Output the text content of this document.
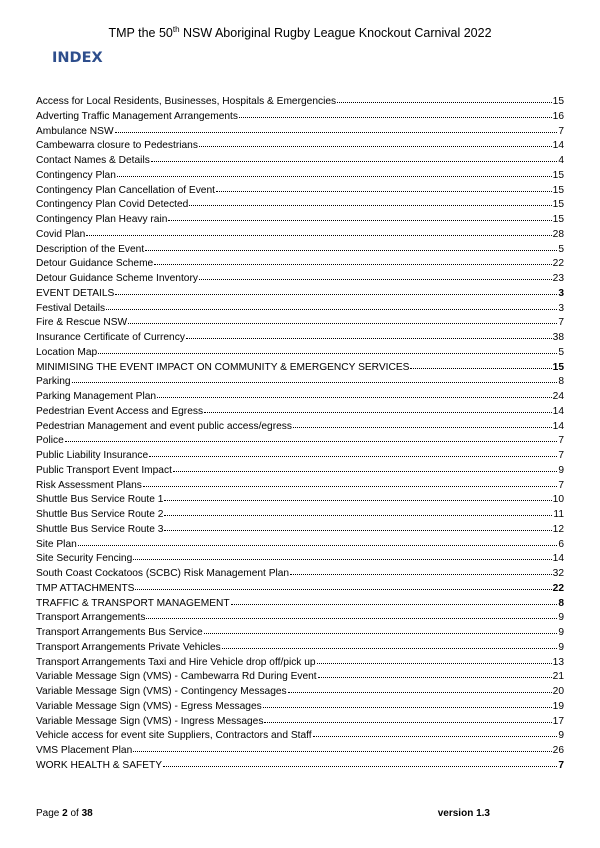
TMP the 50th NSW Aboriginal Rugby League Knockout Carnival 2022
INDEX
Access for Local Residents, Businesses, Hospitals & Emergencies	15
Adverting Traffic Management Arrangements	16
Ambulance NSW	7
Cambewarra closure to Pedestrians	14
Contact Names & Details	4
Contingency Plan	15
Contingency Plan Cancellation of Event	15
Contingency Plan Covid Detected	15
Contingency Plan Heavy rain	15
Covid Plan	28
Description of the Event	5
Detour Guidance Scheme	22
Detour Guidance Scheme Inventory	23
EVENT DETAILS	3
Festival Details	3
Fire & Rescue NSW	7
Insurance Certificate of Currency	38
Location Map	5
MINIMISING THE EVENT IMPACT ON COMMUNITY & EMERGENCY SERVICES	15
Parking	8
Parking Management Plan	24
Pedestrian Event Access and Egress	14
Pedestrian Management and event public access/egress	14
Police	7
Public Liability Insurance	7
Public Transport Event Impact	9
Risk Assessment Plans	7
Shuttle Bus Service Route 1	10
Shuttle Bus Service Route 2	11
Shuttle Bus Service Route 3	12
Site Plan	6
Site Security Fencing	14
South Coast Cockatoos (SCBC) Risk Management Plan	32
TMP ATTACHMENTS	22
TRAFFIC & TRANSPORT MANAGEMENT	8
Transport Arrangements	9
Transport Arrangements Bus Service	9
Transport Arrangements Private Vehicles	9
Transport Arrangements Taxi and Hire Vehicle drop off/pick up	13
Variable Message Sign (VMS) - Cambewarra Rd During Event	21
Variable Message Sign (VMS) - Contingency Messages	20
Variable Message Sign (VMS) - Egress Messages	19
Variable Message Sign (VMS) - Ingress Messages	17
Vehicle access for event site Suppliers, Contractors and Staff	9
VMS Placement Plan	26
WORK HEALTH & SAFETY	7
Page 2 of 38	version 1.3
